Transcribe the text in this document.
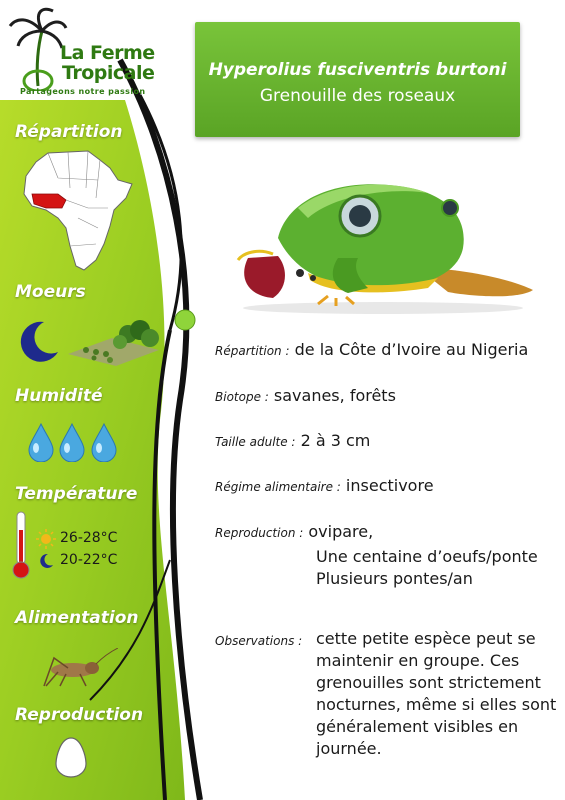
La Ferme
Tropicale
Partageons notre passion
Répartition
Moeurs
Humidité
Température
26-28°C
20-22°C
Alimentation
Reproduction
Hyperolius fusciventris burtoni
Grenouille des roseaux
Répartition : de la Côte d’Ivoire au Nigeria
Biotope : savanes, forêts
Taille adulte : 2 à 3 cm
Régime alimentaire : insectivore
Reproduction : ovipare,
Une centaine d’oeufs/ponte
Plusieurs pontes/an
Observations : cette petite espèce peut se maintenir en groupe. Ces grenouilles sont strictement nocturnes, même si elles sont généralement visibles en journée.
